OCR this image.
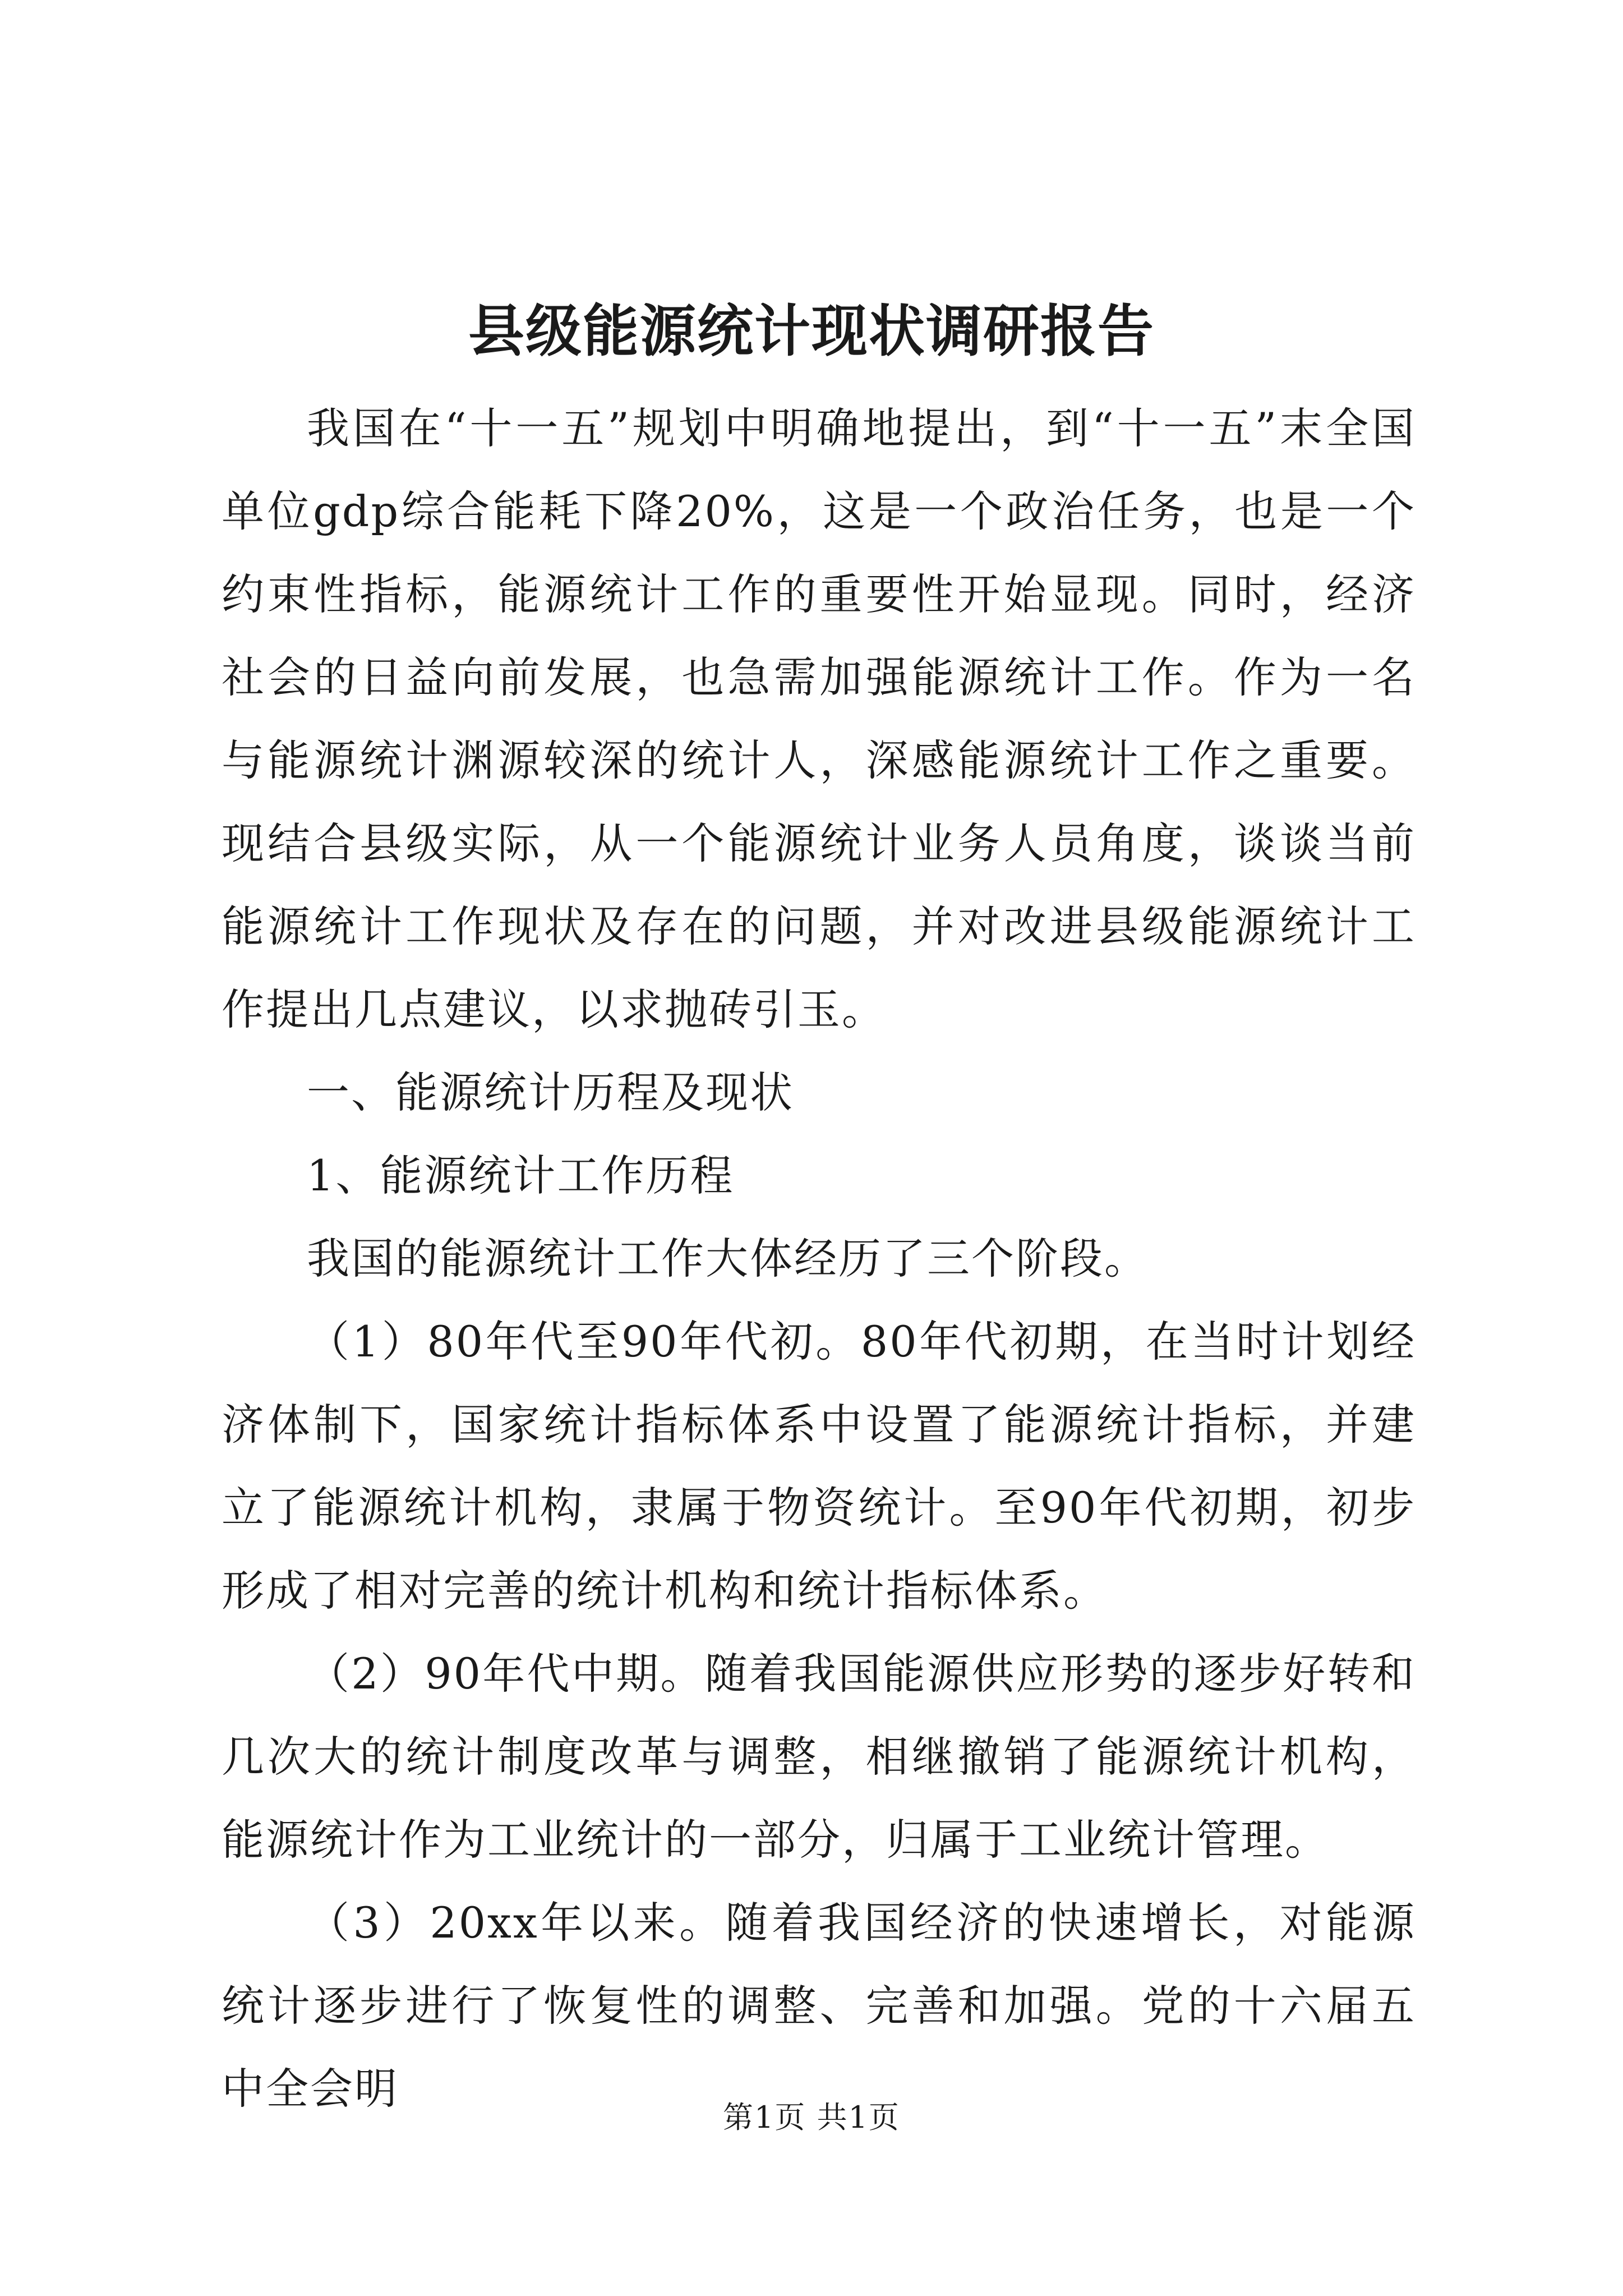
县级能源统计现状调研报告

我国在“十一五”规划中明确地提出，到“十一五”末全国单位gdp综合能耗下降20%，这是一个政治任务，也是一个约束性指标，能源统计工作的重要性开始显现。同时，经济社会的日益向前发展，也急需加强能源统计工作。作为一名与能源统计渊源较深的统计人，深感能源统计工作之重要。现结合县级实际，从一个能源统计业务人员角度，谈谈当前能源统计工作现状及存在的问题，并对改进县级能源统计工作提出几点建议，以求抛砖引玉。

一、能源统计历程及现状

1、能源统计工作历程

我国的能源统计工作大体经历了三个阶段。

（1）80年代至90年代初。80年代初期，在当时计划经济体制下，国家统计指标体系中设置了能源统计指标，并建立了能源统计机构，隶属于物资统计。至90年代初期，初步形成了相对完善的统计机构和统计指标体系。

（2）90年代中期。随着我国能源供应形势的逐步好转和几次大的统计制度改革与调整，相继撤销了能源统计机构，能源统计作为工业统计的一部分，归属于工业统计管理。

（3）20xx年以来。随着我国经济的快速增长，对能源统计逐步进行了恢复性的调整、完善和加强。党的十六届五中全会明

第1页 共1页
